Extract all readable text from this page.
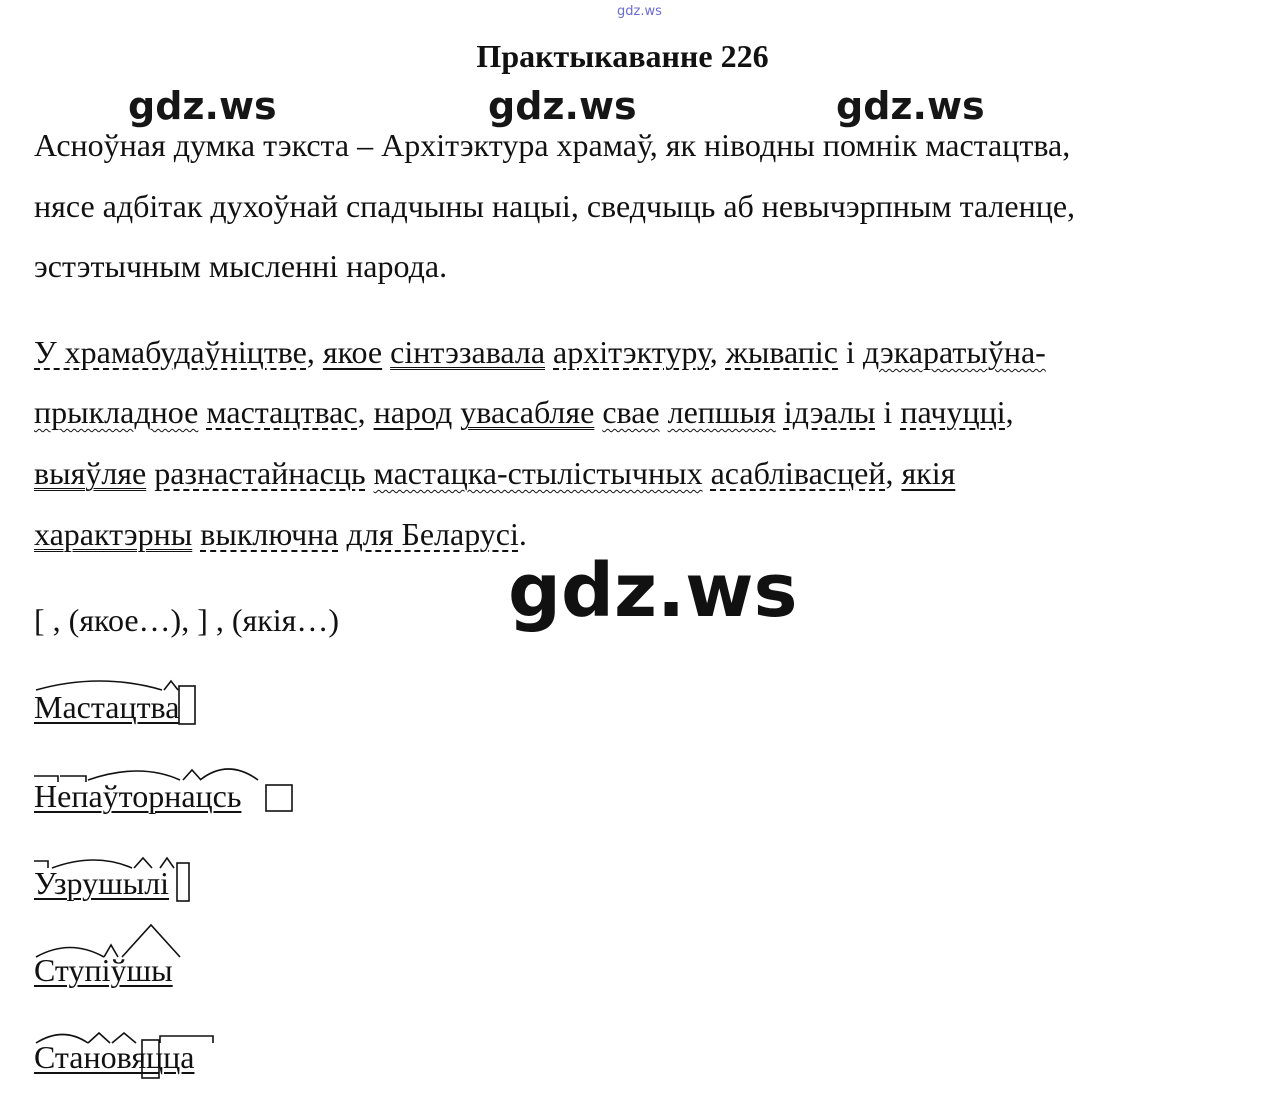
gdz.ws
Практыкаванне 226
gdz.ws	gdz.ws	gdz.ws
Асноўная думка тэкста – Архітэктура храмаў, як ніводны помнік мастацтва,
нясе адбітак духоўнай спадчыны нацыі, сведчыць аб невычэрпным таленце,
эстэтычным мысленні народа.
У храмабудаўніцтве, якое сінтэзавала архітэктуру, жывапіс і дэкаратыўна-
прыкладное мастацтвас, народ увасабляе свае лепшыя ідэалы і пачуцці,
выяўляе разнастайнасць мастацка-стылістычных асаблівасцей, якія
характэрны выключна для Беларусі.
gdz.ws
[ , (якое…), ] , (якія…)
Мастацтва
Непаўторнацсь
Узрушылі
Ступіўшы
Становяцца
